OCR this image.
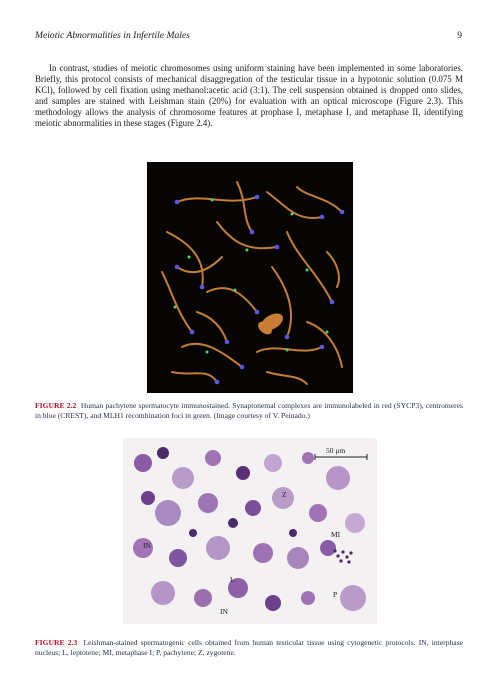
Meiotic Abnormalities in Infertile Males	9

In contrast, studies of meiotic chromosomes using uniform staining have been implemented in some laboratories. Briefly, this protocol consists of mechanical disaggregation of the testicular tissue in a hypotonic solution (0.075 M KCl), followed by cell fixation using methanol:acetic acid (3:1). The cell suspension obtained is dropped onto slides, and samples are stained with Leishman stain (20%) for evaluation with an optical microscope (Figure 2.3). This methodology allows the analysis of chromosome features at prophase I, metaphase I, and metaphase II, identifying meiotic abnormalities in these stages (Figure 2.4).

FIGURE 2.2 Human pachytene spermatocyte immunostained. Synaptonemal complexes are immunolabeled in red (SYCP3), centromeres in blue (CREST), and MLH1 recombination foci in green. (Image courtesy of V. Peinado.)

50 μm
IN
IN
Z
MI
L
P

FIGURE 2.3 Leishman-stained spermatogenic cells obtained from human testicular tissue using cytogenetic protocols. IN, interphase nucleus; L, leptotene; MI, metaphase I; P, pachytene; Z, zygotene.
